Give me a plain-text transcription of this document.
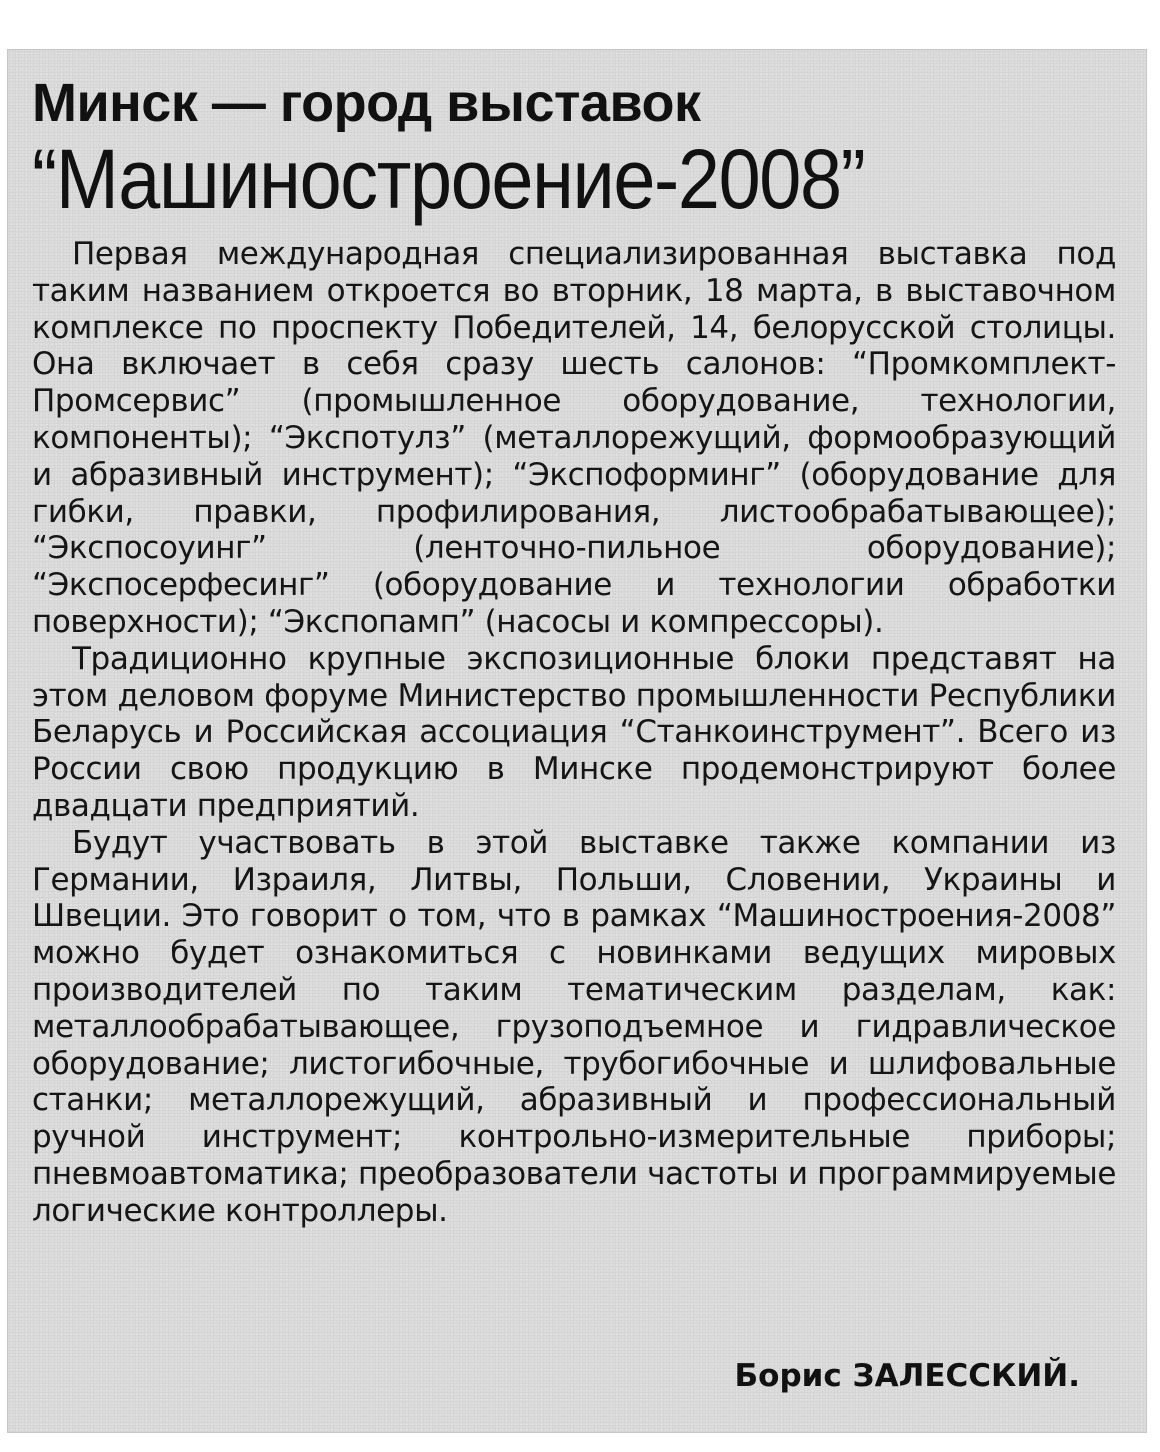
Минск — город выставок
“Машиностроение-2008”

Первая международная специализированная выставка под таким названием откроется во вторник, 18 марта, в выставочном комплексе по проспекту Победителей, 14, белорусской столицы. Она включает в себя сразу шесть салонов: “Промкомплект-Промсервис” (промышленное оборудование, технологии, компоненты); “Экспотулз” (металлорежущий, формообразующий и абразивный инструмент); “Экспоформинг” (оборудование для гибки, правки, профилирования, листообрабатывающее); “Экспосоуинг” (ленточно-пильное оборудование); “Экспосерфесинг” (оборудование и технологии обработки поверхности); “Экспопамп” (насосы и компрессоры).

Традиционно крупные экспозиционные блоки представят на этом деловом форуме Министерство промышленности Республики Беларусь и Российская ассоциация “Станкоинструмент”. Всего из России свою продукцию в Минске продемонстрируют более двадцати предприятий.

Будут участвовать в этой выставке также компании из Германии, Израиля, Литвы, Польши, Словении, Украины и Швеции. Это говорит о том, что в рамках “Машиностроения-2008” можно будет ознакомиться с новинками ведущих мировых производителей по таким тематическим разделам, как: металлообрабатывающее, грузоподъемное и гидравлическое оборудование; листогибочные, трубогибочные и шлифовальные станки; металлорежущий, абразивный и профессиональный ручной инструмент; контрольно-измерительные приборы; пневмоавтоматика; преобразователи частоты и программируемые логические контроллеры.

Борис ЗАЛЕССКИЙ.
